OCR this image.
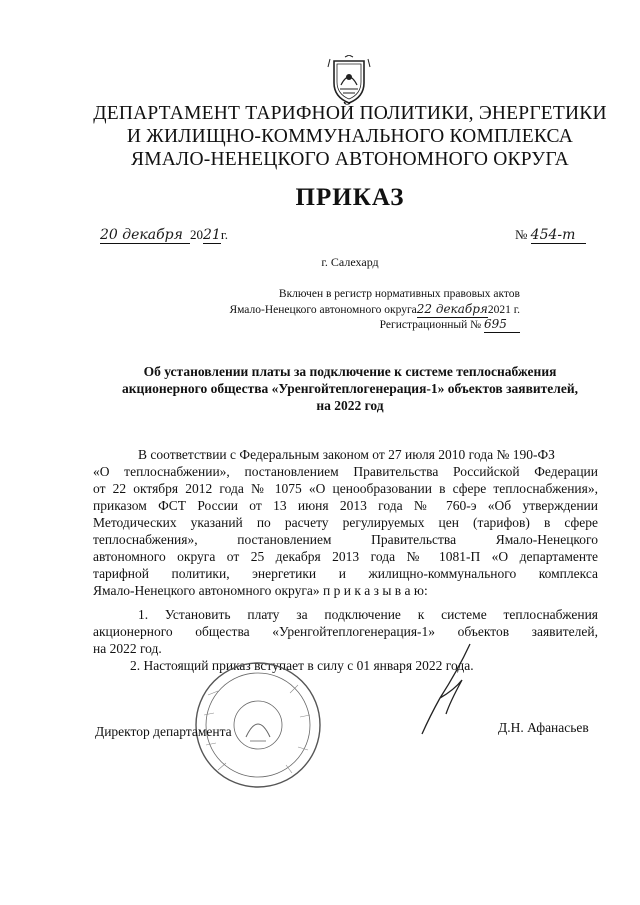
ДЕПАРТАМЕНТ ТАРИФНОЙ ПОЛИТИКИ, ЭНЕРГЕТИКИ
И ЖИЛИЩНО-КОММУНАЛЬНОГО КОМПЛЕКСА
ЯМАЛО-НЕНЕЦКОГО АВТОНОМНОГО ОКРУГА
ПРИКАЗ
20 декабря 2021г.	№ 454-т
г. Салехард
Включен в регистр нормативных правовых актов
Ямало-Ненецкого автономного округа22 декабря2021 г.
Регистрационный № 695
Об установлении платы за подключение к системе теплоснабжения
акционерного общества «Уренгойтеплогенерация-1» объектов заявителей,
на 2022 год
В соответствии с Федеральным законом от 27 июля 2010 года № 190-ФЗ
«О теплоснабжении», постановлением Правительства Российской Федерации
от 22 октября 2012 года № 1075 «О ценообразовании в сфере теплоснабжения»,
приказом ФСТ России от 13 июня 2013 года № 760-э «Об утверждении
Методических указаний по расчету регулируемых цен (тарифов) в сфере
теплоснабжения», постановлением Правительства Ямало-Ненецкого
автономного округа от 25 декабря 2013 года № 1081-П «О департаменте
тарифной политики, энергетики и жилищно-коммунального комплекса
Ямало-Ненецкого автономного округа» п р и к а з ы в а ю:
1. Установить плату за подключение к системе теплоснабжения
акционерного общества «Уренгойтеплогенерация-1» объектов заявителей,
на 2022 год.
2. Настоящий приказ вступает в силу с 01 января 2022 года.
Директор департамента	Д.Н. Афанасьев
